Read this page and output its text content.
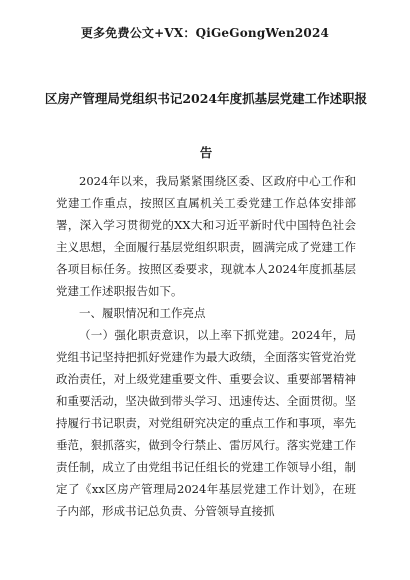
更多免费公文+VX：QiGeGongWen2024
区房产管理局党组织书记2024年度抓基层党建工作述职报告

2024年以来，我局紧紧围绕区委、区政府中心工作和党建工作重点，按照区直属机关工委党建工作总体安排部署，深入学习贯彻党的XX大和习近平新时代中国特色社会主义思想，全面履行基层党组织职责，圆满完成了党建工作各项目标任务。按照区委要求，现就本人2024年度抓基层党建工作述职报告如下。

一、履职情况和工作亮点

（一）强化职责意识，以上率下抓党建。2024年，局党组书记坚持把抓好党建作为最大政绩，全面落实管党治党政治责任，对上级党建重要文件、重要会议、重要部署精神和重要活动，坚决做到带头学习、迅速传达、全面贯彻。坚持履行书记职责，对党组研究决定的重点工作和事项，率先垂范，狠抓落实，做到令行禁止、雷厉风行。落实党建工作责任制，成立了由党组书记任组长的党建工作领导小组，制定了《xx区房产管理局2024年基层党建工作计划》，在班子内部，形成书记总负责、分管领导直接抓
